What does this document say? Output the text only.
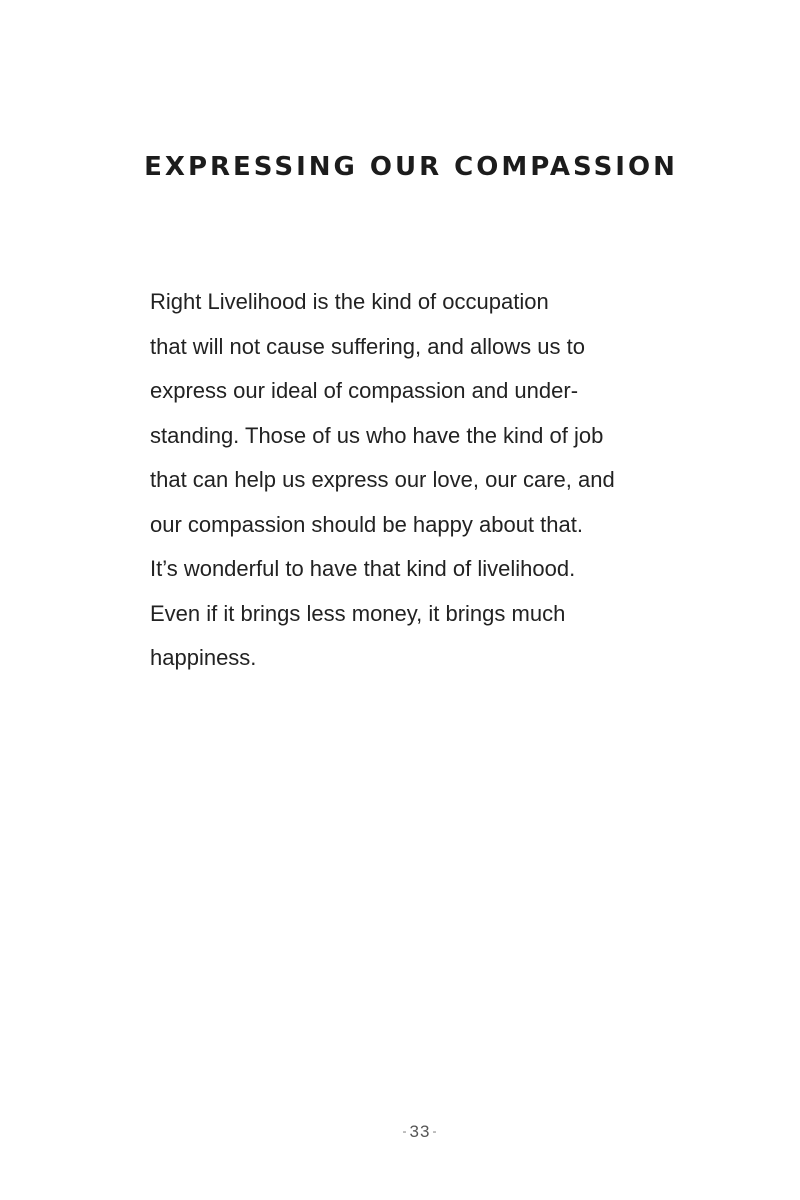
EXPRESSING OUR COMPASSION
Right Livelihood is the kind of occupation
that will not cause suffering, and allows us to
express our ideal of compassion and under-
standing. Those of us who have the kind of job
that can help us express our love, our care, and
our compassion should be happy about that.
It’s wonderful to have that kind of livelihood.
Even if it brings less money, it brings much
happiness.
- 33 -
